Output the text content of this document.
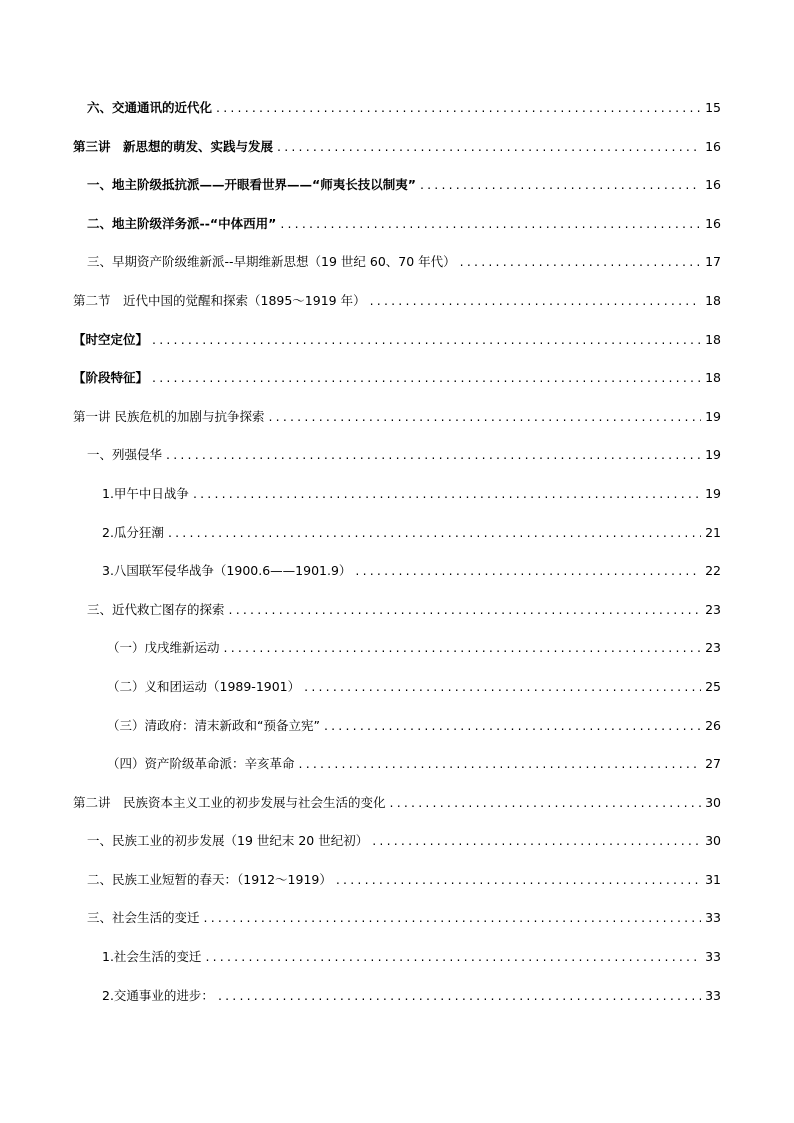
六、交通通讯的近代化 .....	15
第三讲　新思想的萌发、实践与发展 .....	16
一、地主阶级抵抗派——开眼看世界——“师夷长技以制夷” .....	16
二、地主阶级洋务派--“中体西用” .....	16
三、早期资产阶级维新派--早期维新思想（19 世纪 60、70 年代） .....	17
第二节　近代中国的觉醒和探索（1895～1919 年） .....	18
【时空定位】 .....	18
【阶段特征】 .....	18
第一讲 民族危机的加剧与抗争探索 .....	19
一、列强侵华 .....	19
1.甲午中日战争 .....	19
2.瓜分狂潮 .....	21
3.八国联军侵华战争（1900.6——1901.9） .....	22
三、近代救亡图存的探索 .....	23
（一）戊戌维新运动 .....	23
（二）义和团运动（1989-1901） .....	25
（三）清政府：清末新政和“预备立宪” .....	26
（四）资产阶级革命派：辛亥革命 .....	27
第二讲　民族资本主义工业的初步发展与社会生活的变化 .....	30
一、民族工业的初步发展（19 世纪末 20 世纪初） .....	30
二、民族工业短暂的春天：（1912～1919） .....	31
三、社会生活的变迁 .....	33
1.社会生活的变迁 .....	33
2.交通事业的进步： .....	33
